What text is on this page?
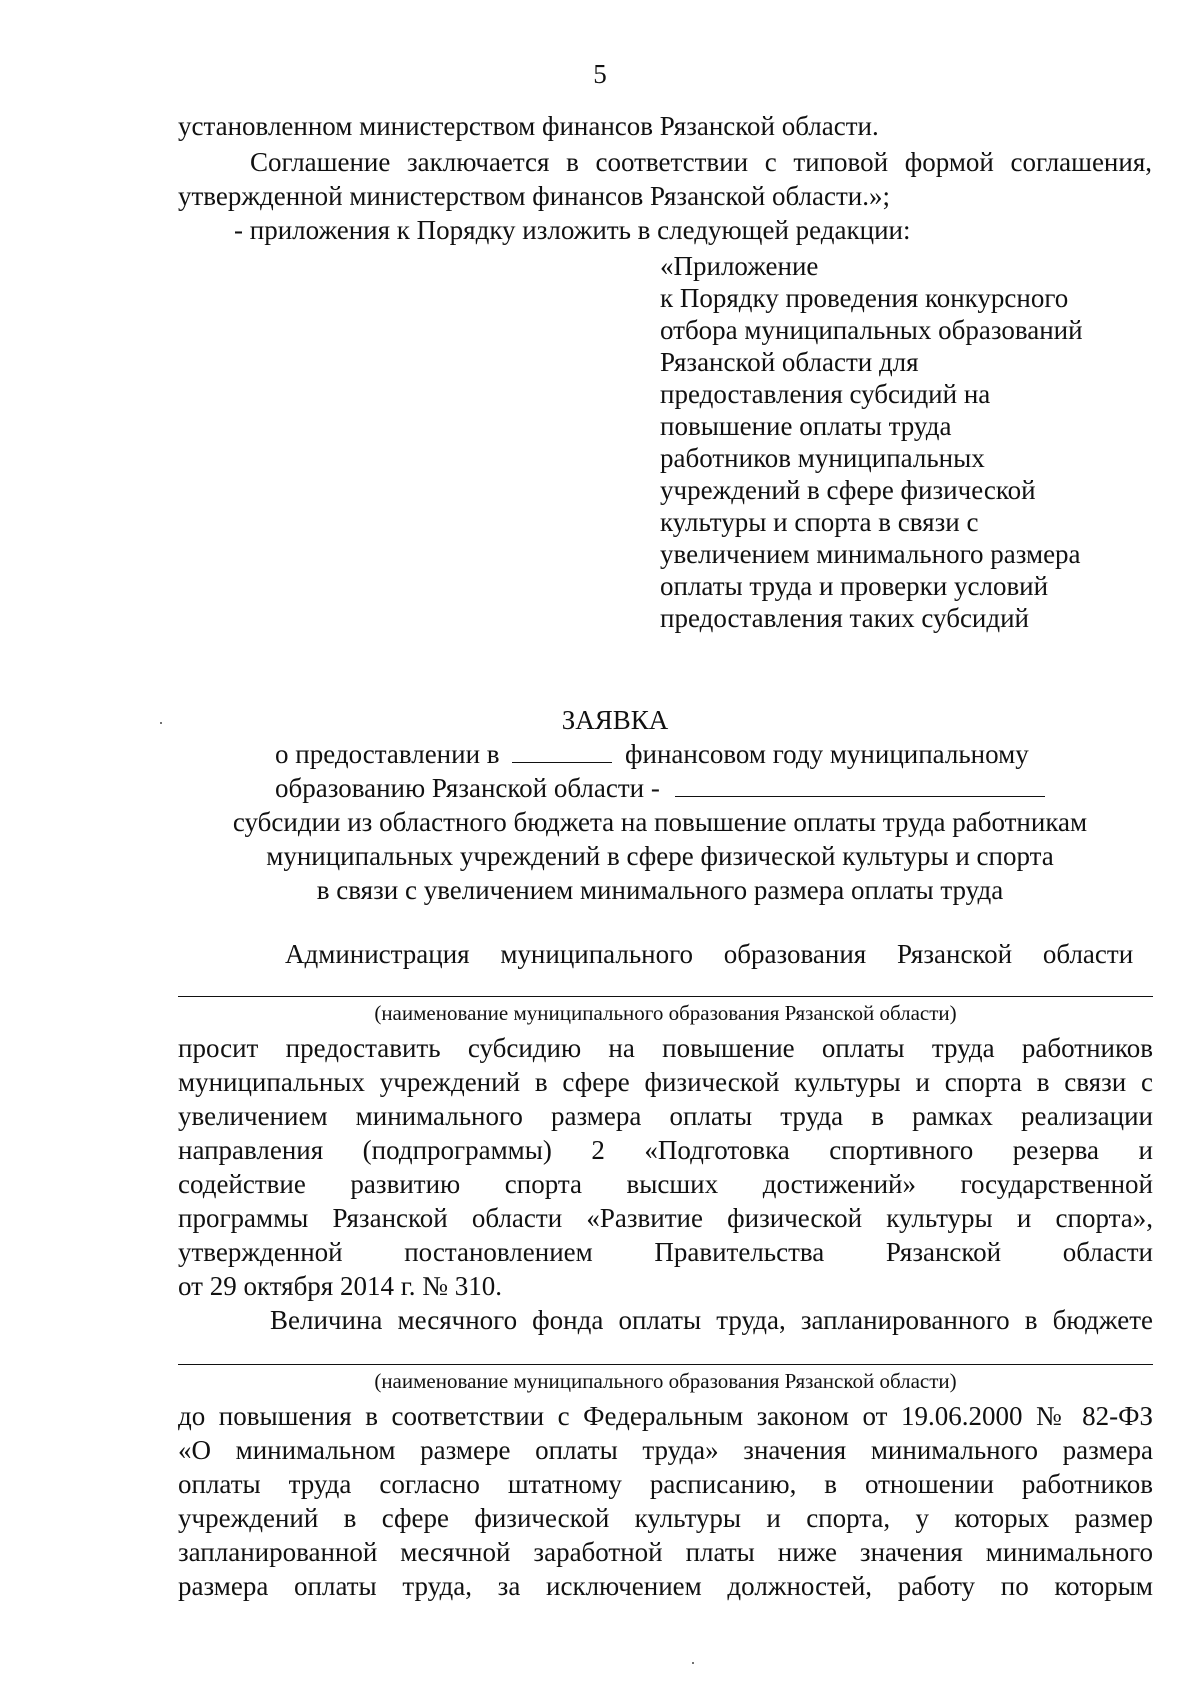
5
установленном министерством финансов Рязанской области.
Соглашение заключается в соответствии с типовой формой соглашения,
утвержденной министерством финансов Рязанской области.»;
- приложения к Порядку изложить в следующей редакции:
«Приложение
к Порядку проведения конкурсного
отбора муниципальных образований
Рязанской области для
предоставления субсидий на
повышение оплаты труда
работников муниципальных
учреждений в сфере физической
культуры и спорта в связи с
увеличением минимального размера
оплаты труда и проверки условий
предоставления таких субсидий
ЗАЯВКА
о предоставлении в	финансовом году муниципальному
образованию Рязанской области -
субсидии из областного бюджета на повышение оплаты труда работникам
муниципальных учреждений в сфере физической культуры и спорта
в связи с увеличением минимального размера оплаты труда
Администрация муниципального образования Рязанской области
(наименование муниципального образования Рязанской области)
просит предоставить субсидию на повышение оплаты труда работников
муниципальных учреждений в сфере физической культуры и спорта в связи с
увеличением минимального размера оплаты труда в рамках реализации
направления (подпрограммы) 2 «Подготовка спортивного резерва и
содействие развитию спорта высших достижений» государственной
программы Рязанской области «Развитие физической культуры и спорта»,
утвержденной постановлением Правительства Рязанской области
от 29 октября 2014 г. № 310.
Величина месячного фонда оплаты труда, запланированного в бюджете
(наименование муниципального образования Рязанской области)
до повышения в соответствии с Федеральным законом от 19.06.2000 № 82-ФЗ
«О минимальном размере оплаты труда» значения минимального размера
оплаты труда согласно штатному расписанию, в отношении работников
учреждений в сфере физической культуры и спорта, у которых размер
запланированной месячной заработной платы ниже значения минимального
размера оплаты труда, за исключением должностей, работу по которым
